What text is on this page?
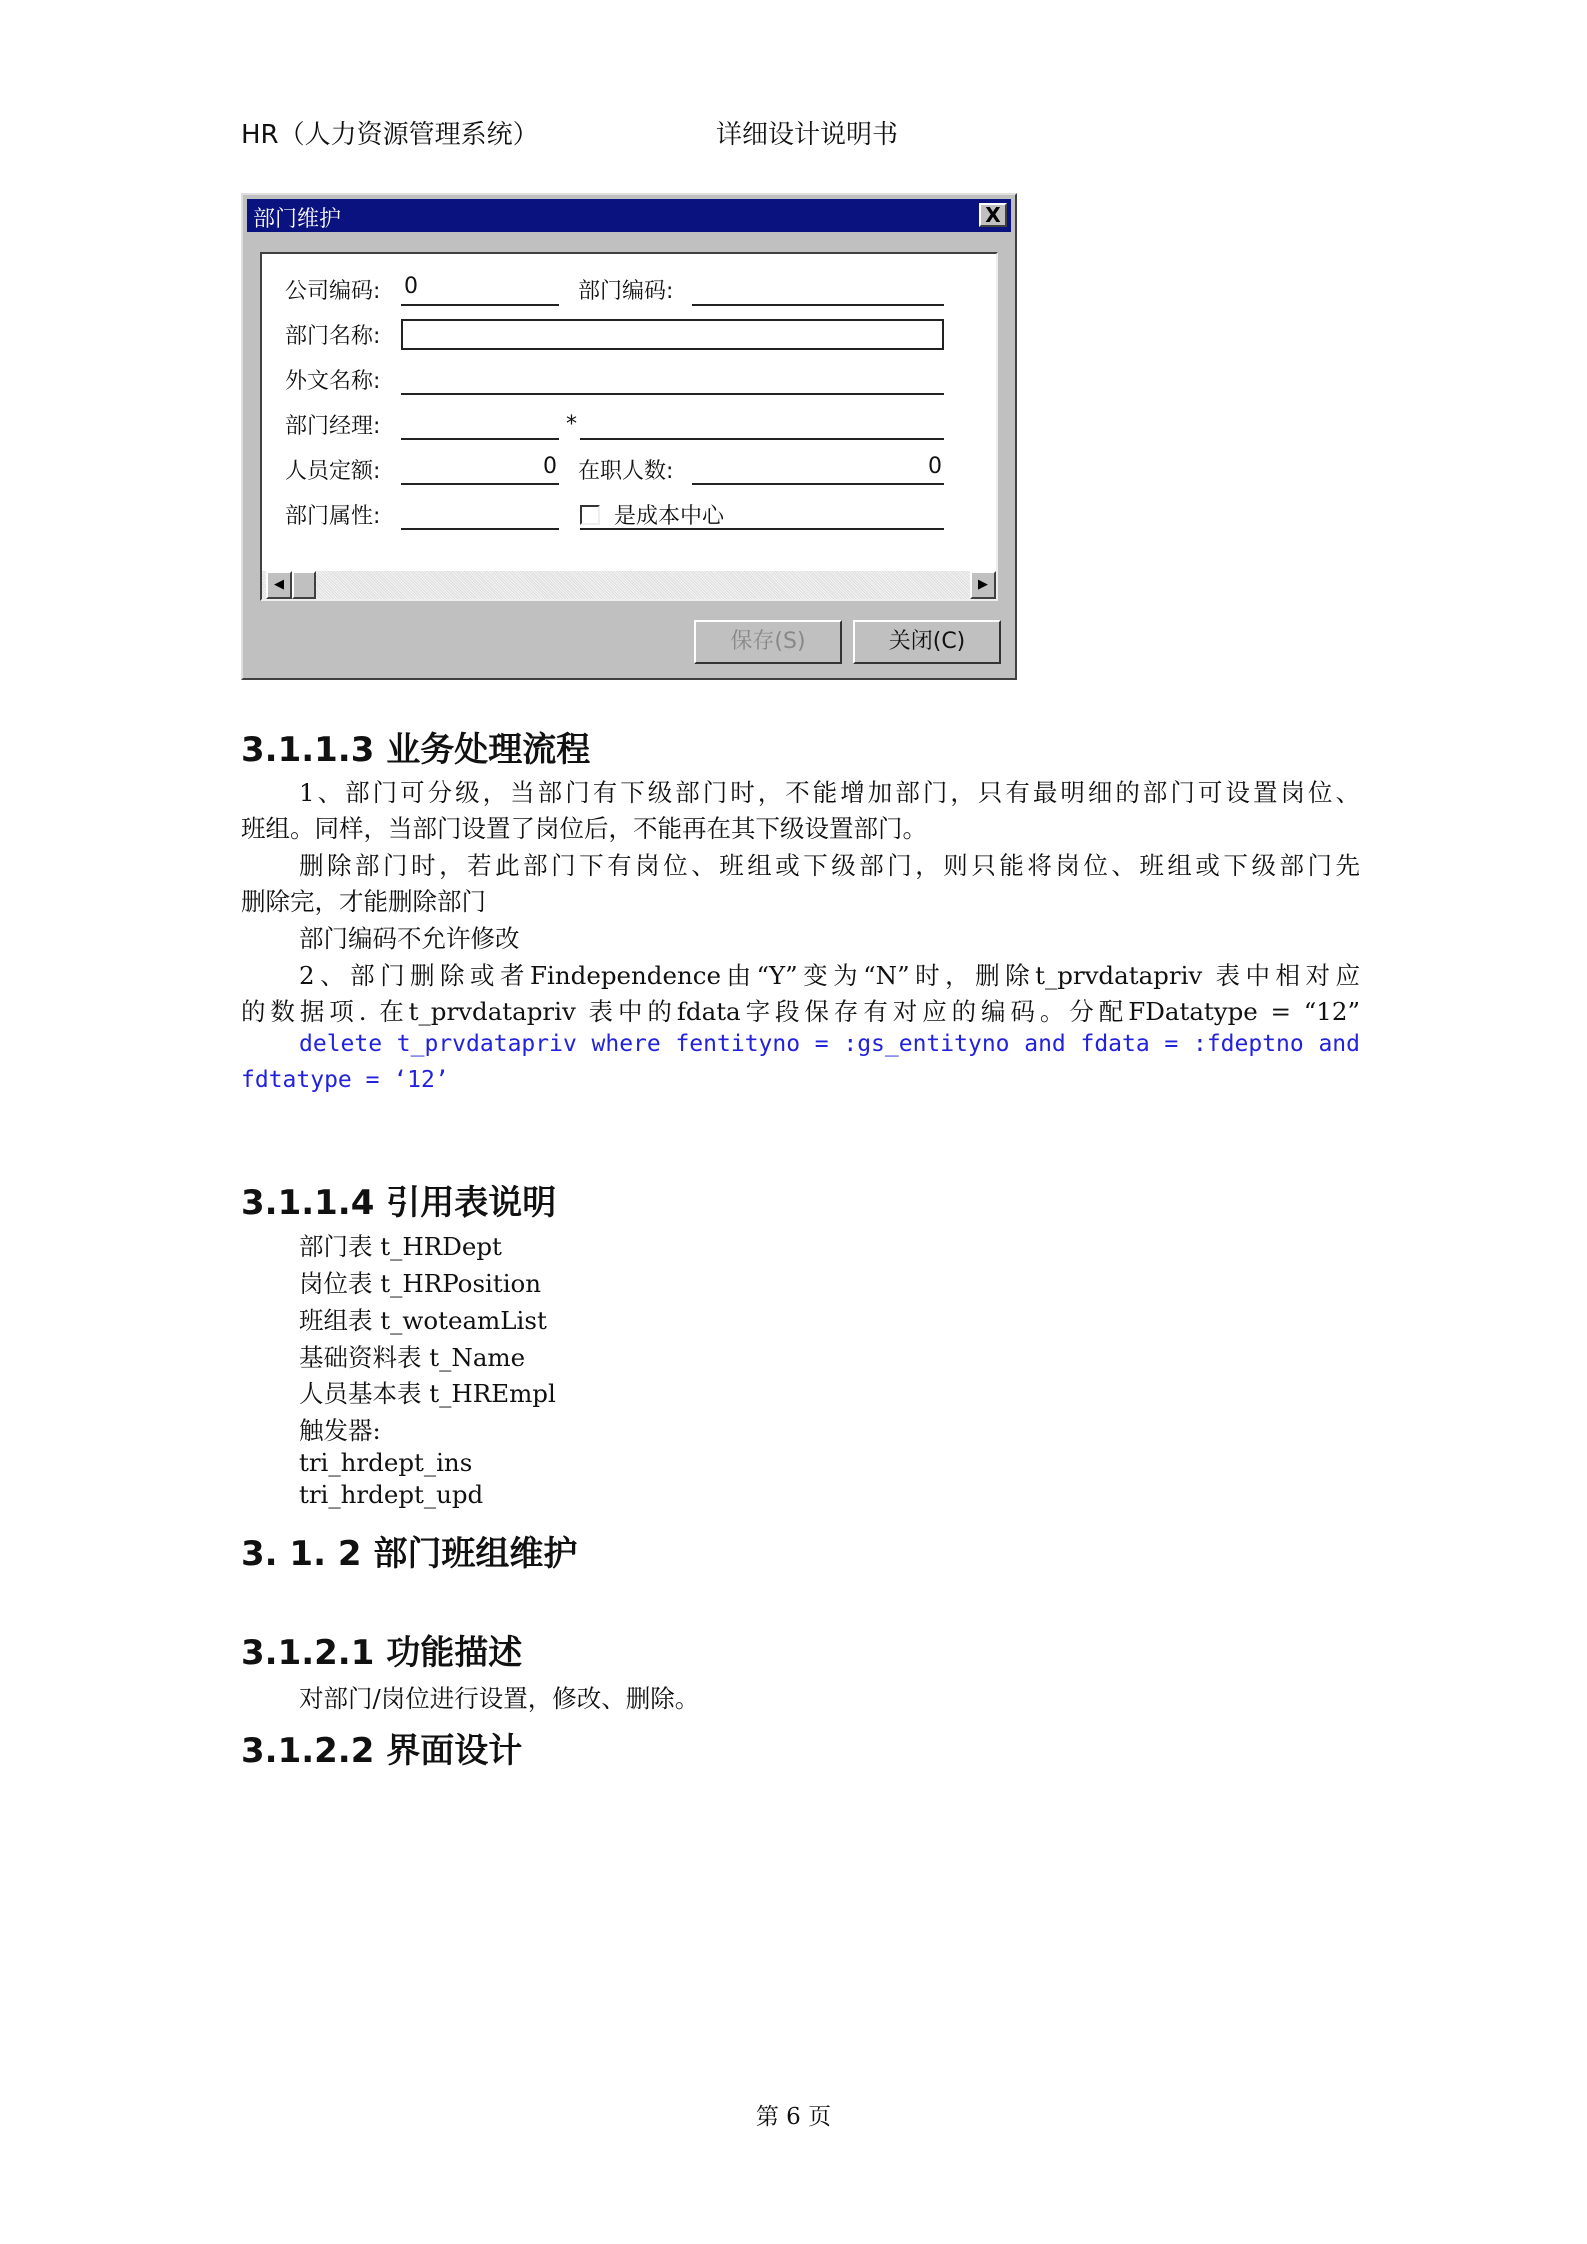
HR（人力资源管理系统）	详细设计说明书
部门维护	X
公司编码: 0	部门编码:
部门名称:
外文名称:
部门经理:	*
人员定额:	0 在职人数:	0
部门属性:	是成本中心
◀	▶
保存(S)	关闭(C)
3.1.1.3 业务处理流程
1、部门可分级，当部门有下级部门时，不能增加部门，只有最明细的部门可设置岗位、
班组。同样，当部门设置了岗位后，不能再在其下级设置部门。
删除部门时，若此部门下有岗位、班组或下级部门，则只能将岗位、班组或下级部门先
删除完，才能删除部门
部门编码不允许修改
2、部门删除或者Findependence由“Y”变为“N”时，删除t_prvdatapriv 表中相对应
的数据项. 在t_prvdatapriv 表中的fdata字段保存有对应的编码。分配FDatatype = “12”
delete t_prvdatapriv where fentityno = :gs_entityno and fdata = :fdeptno and
fdtatype = ‘12’
3.1.1.4 引用表说明
部门表 t_HRDept
岗位表 t_HRPosition
班组表 t_woteamList
基础资料表 t_Name
人员基本表 t_HREmpl
触发器:
tri_hrdept_ins
tri_hrdept_upd
3. 1. 2 部门班组维护
3.1.2.1 功能描述
对部门/岗位进行设置，修改、删除。
3.1.2.2 界面设计
第 6 页
